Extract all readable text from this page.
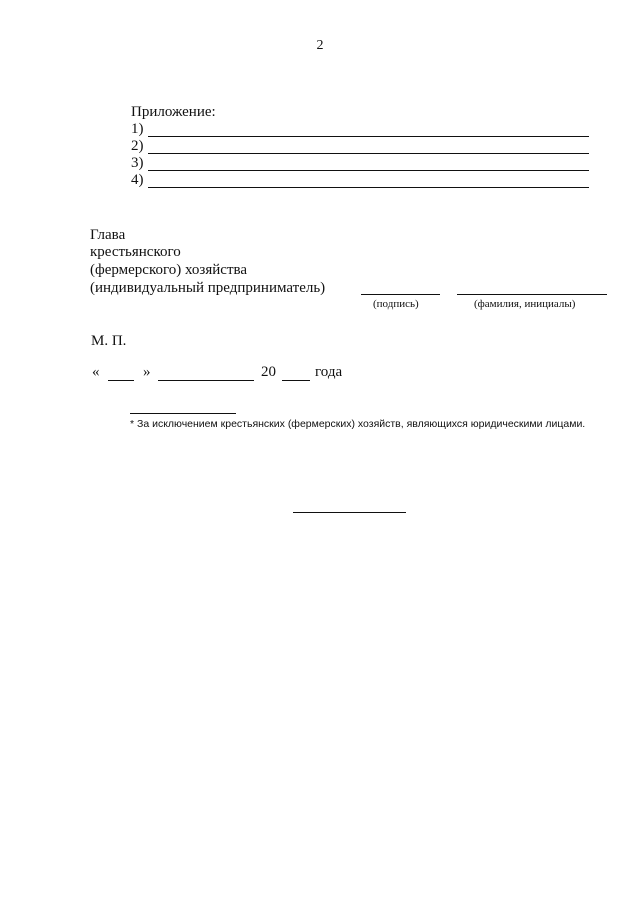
2
Приложение:
1)
2)
3)
4)
Глава
крестьянского
(фермерского) хозяйства
(индивидуальный предприниматель)
(подпись)	(фамилия, инициалы)
М. П.
«	»	20	года
* За исключением крестьянских (фермерских) хозяйств, являющихся юридическими лицами.
